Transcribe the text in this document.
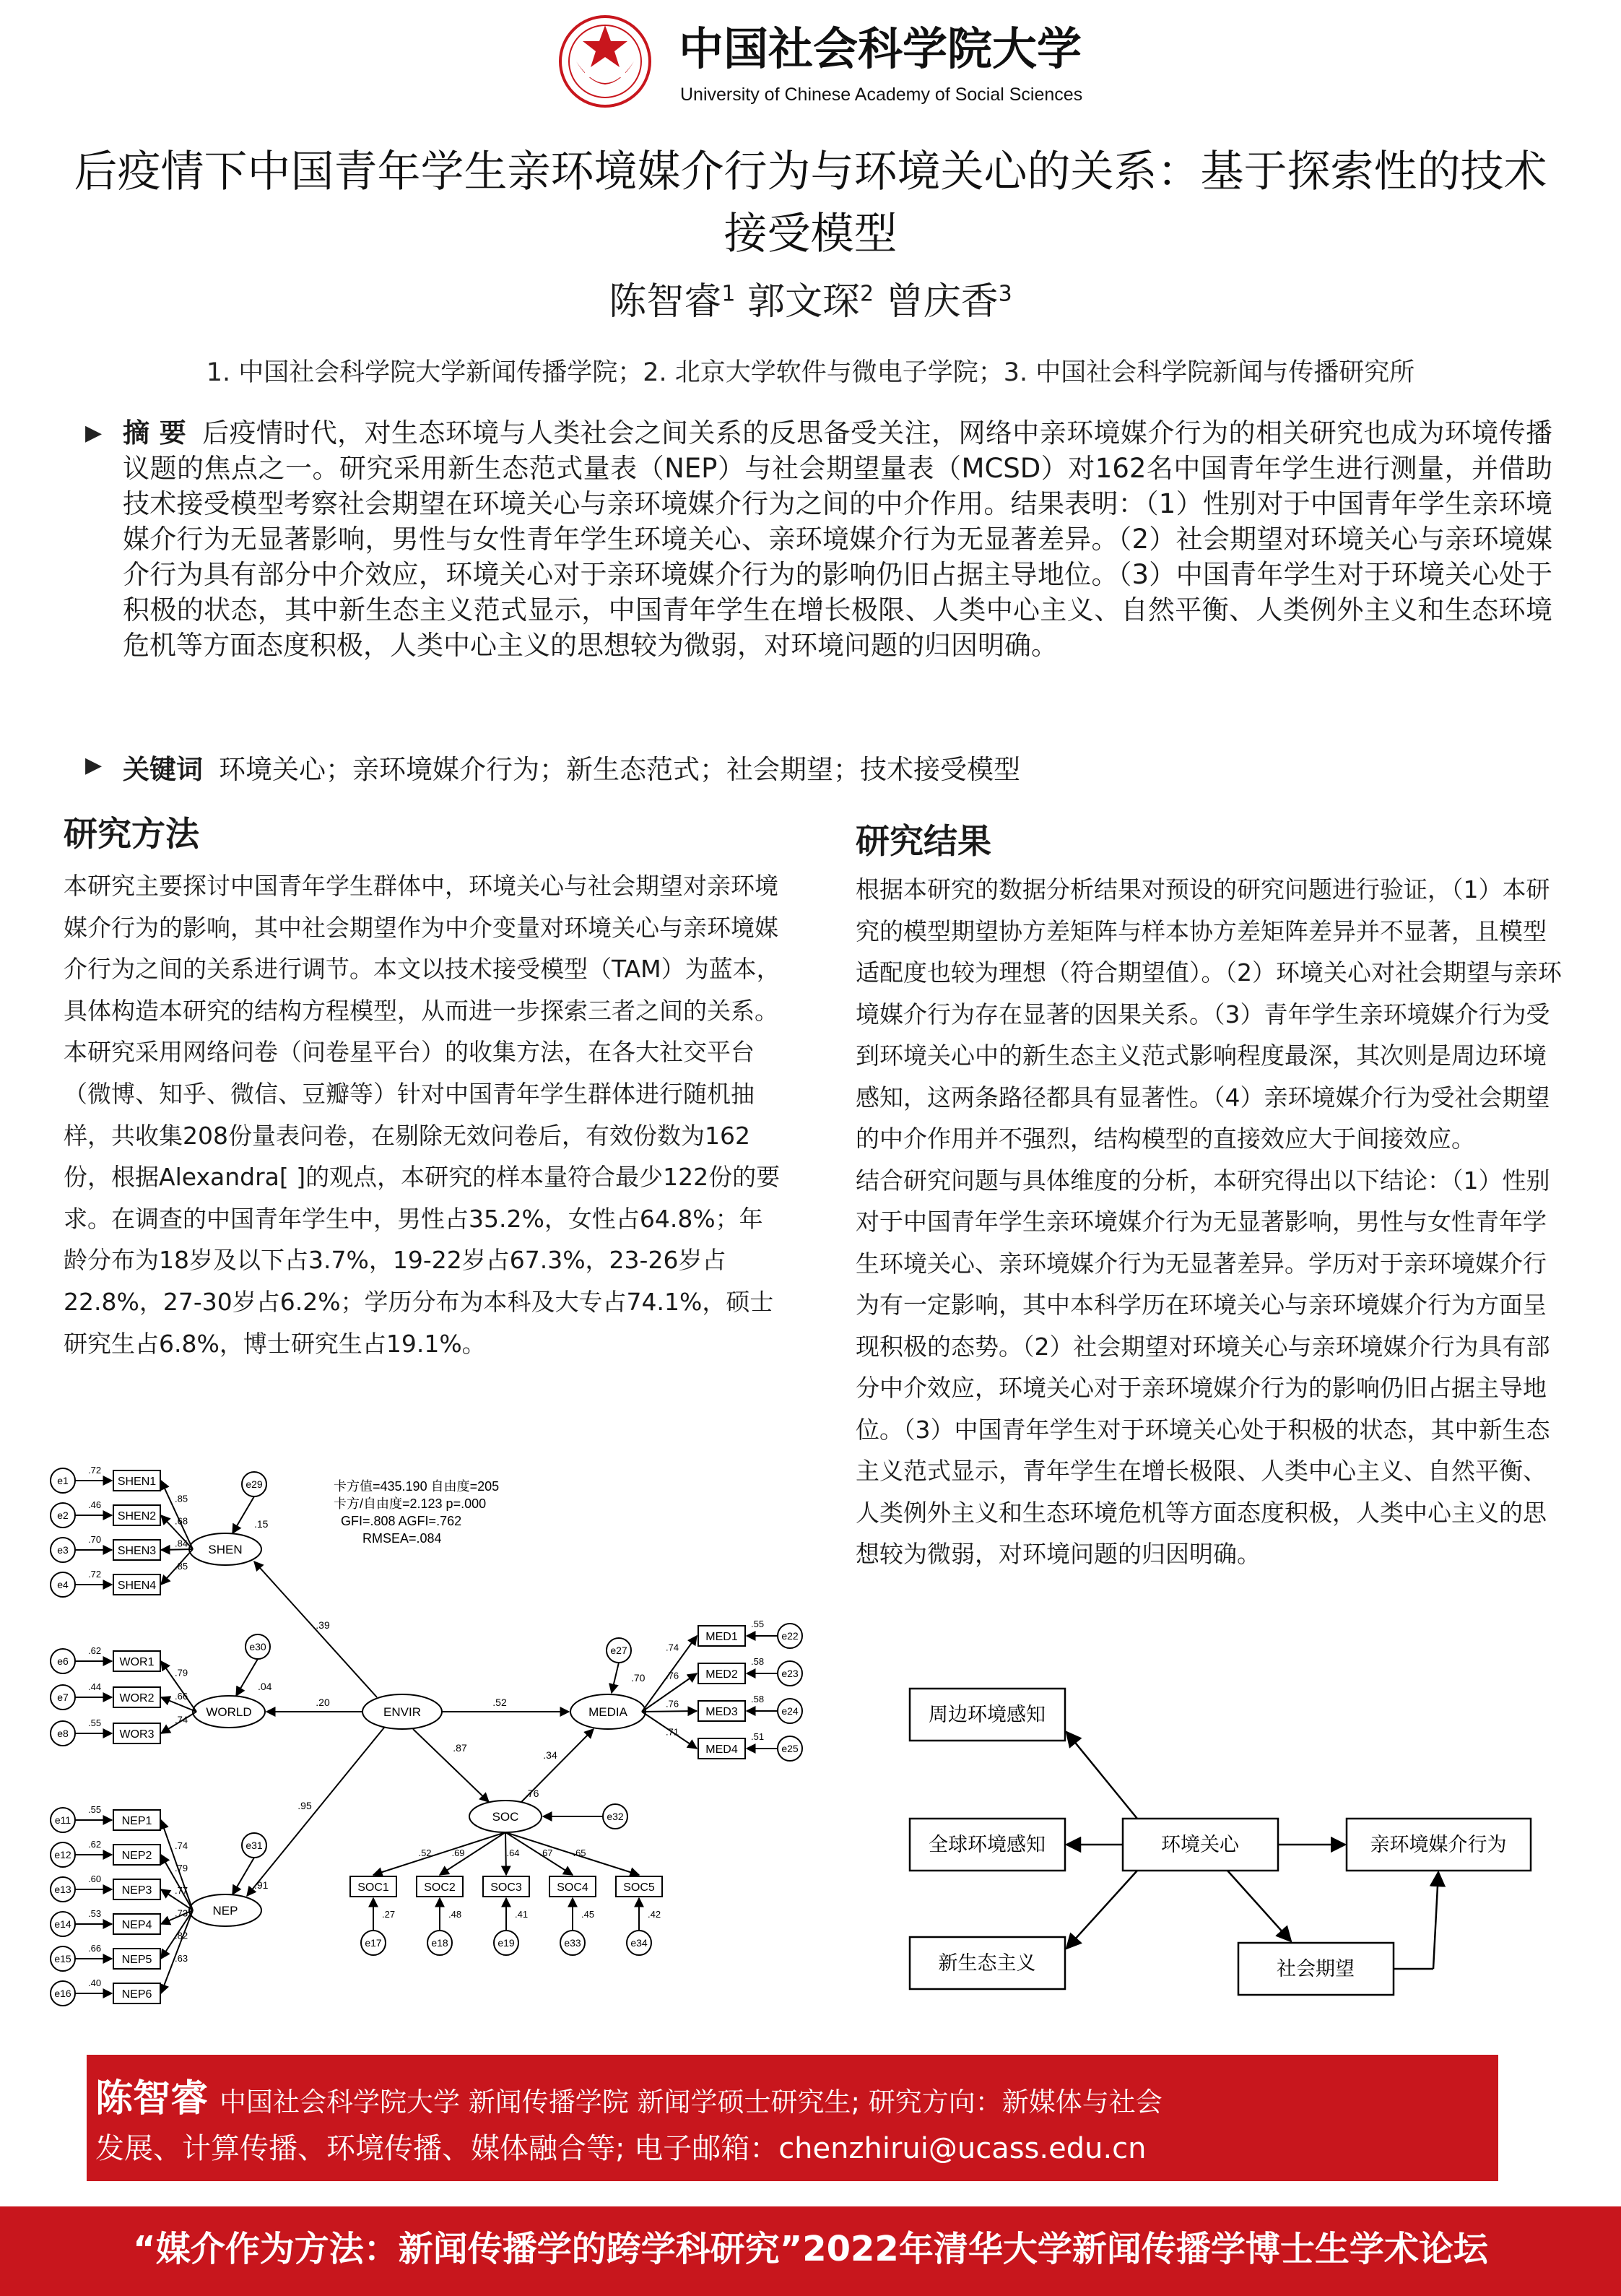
中国社会科学院大学
University of Chinese Academy of Social Sciences
后疫情下中国青年学生亲环境媒介行为与环境关心的关系：基于探索性的技术接受模型
陈智睿$^1$ 郭文琛$^2$ 曾庆香$^3$
1. 中国社会科学院大学新闻传播学院；2. 北京大学软件与微电子学院；3. 中国社会科学院新闻与传播研究所
▶ 摘 要 后疫情时代，对生态环境与人类社会之间关系的反思备受关注，网络中亲环境媒介行为的相关研究也成为环境传播议题的焦点之一。研究采用新生态范式量表（NEP）与社会期望量表（MCSD）对162名中国青年学生进行测量，并借助技术接受模型考察社会期望在环境关心与亲环境媒介行为之间的中介作用。结果表明：（1）性别对于中国青年学生亲环境媒介行为无显著影响，男性与女性青年学生环境关心、亲环境媒介行为无显著差异。（2）社会期望对环境关心与亲环境媒介行为具有部分中介效应，环境关心对于亲环境媒介行为的影响仍旧占据主导地位。（3）中国青年学生对于环境关心处于积极的状态，其中新生态主义范式显示，中国青年学生在增长极限、人类中心主义、自然平衡、人类例外主义和生态环境危机等方面态度积极，人类中心主义的思想较为微弱，对环境问题的归因明确。
▶ 关键词 环境关心；亲环境媒介行为；新生态范式；社会期望；技术接受模型
研究方法

本研究主要探讨中国青年学生群体中，环境关心与社会期望对亲环境媒介行为的影响，其中社会期望作为中介变量对环境关心与亲环境媒介行为之间的关系进行调节。本文以技术接受模型（TAM）为蓝本，具体构造本研究的结构方程模型，从而进一步探索三者之间的关系。本研究采用网络问卷（问卷星平台）的收集方法，在各大社交平台（微博、知乎、微信、豆瓣等）针对中国青年学生群体进行随机抽样，共收集208份量表问卷，在剔除无效问卷后，有效份数为162份，根据Alexandra[ ]的观点，本研究的样本量符合最少122份的要求。在调查的中国青年学生中，男性占35.2%，女性占64.8%；年龄分布为18岁及以下占3.7%，19-22岁占67.3%，23-26岁占22.8%，27-30岁占6.2%；学历分布为本科及大专占74.1%，硕士研究生占6.8%，博士研究生占19.1%。

研究结果

根据本研究的数据分析结果对预设的研究问题进行验证，（1）本研究的模型期望协方差矩阵与样本协方差矩阵差异并不显著，且模型适配度也较为理想（符合期望值）。（2）环境关心对社会期望与亲环境媒介行为存在显著的因果关系。（3）青年学生亲环境媒介行为受到环境关心中的新生态主义范式影响程度最深，其次则是周边环境感知，这两条路径都具有显著性。（4）亲环境媒介行为受社会期望的中介作用并不强烈，结构模型的直接效应大于间接效应。

结合研究问题与具体维度的分析，本研究得出以下结论：（1）性别对于中国青年学生亲环境媒介行为无显著影响，男性与女性青年学生环境关心、亲环境媒介行为无显著差异。学历对于亲环境媒介行为有一定影响，其中本科学历在环境关心与亲环境媒介行为方面呈现积极的态势。（2）社会期望对环境关心与亲环境媒介行为具有部分中介效应，环境关心对于亲环境媒介行为的影响仍旧占据主导地位。（3）中国青年学生对于环境关心处于积极的状态，其中新生态主义范式显示，青年学生在增长极限、人类中心主义、自然平衡、人类例外主义和生态环境危机等方面态度积极，人类中心主义的思想较为微弱，对环境问题的归因明确。

卡方值=435.190 自由度=205
卡方/自由度=2.123 p=.000
GFI=.808 AGFI=.762
RMSEA=.084
e1
.72
SHEN1
.85
e2
.46
SHEN2 .68
e3
.70
SHEN3
.84
e4
.72
SHEN4
.85
SHEN
e29
.15
e6
.62
WOR1
.79
e7
.44
WOR2 .66
e8
.55
WOR3
.74
WORLD
e30
.04
e11
.55
NEP1
.74
e12
.62
NEP2
.79
e13
.60
NEP3 .77
e14
.53
NEP4
.73
e15
.66
NEP5
.82
e16
.40
NEP6
.63
NEP
e31
.91
ENVIR
.39
.20
.95
MEDIA
.52
e27
.70
MED1
.74
e22
.55
MED2
.76	e23
.58
MED3
.76
e24
.58
MED4
.71
e25
.51
SOC
.87
.34
e32
.76
SOC1
.52
e17
.27
SOC2
.69
e18
.48
SOC3
.64
e19
.41
SOC4
.67
e33
.45
SOC5
.65
e34
.42
周边环境感知
全球环境感知
新生态主义
环境关心	亲环境媒介行为
社会期望
陈智睿 中国社会科学院大学 新闻传播学院 新闻学硕士研究生; 研究方向：新媒体与社会
发展、计算传播、环境传播、媒体融合等; 电子邮箱：chenzhirui@ucass.edu.cn
“媒介作为方法：新闻传播学的跨学科研究”2022年清华大学新闻传播学博士生学术论坛
